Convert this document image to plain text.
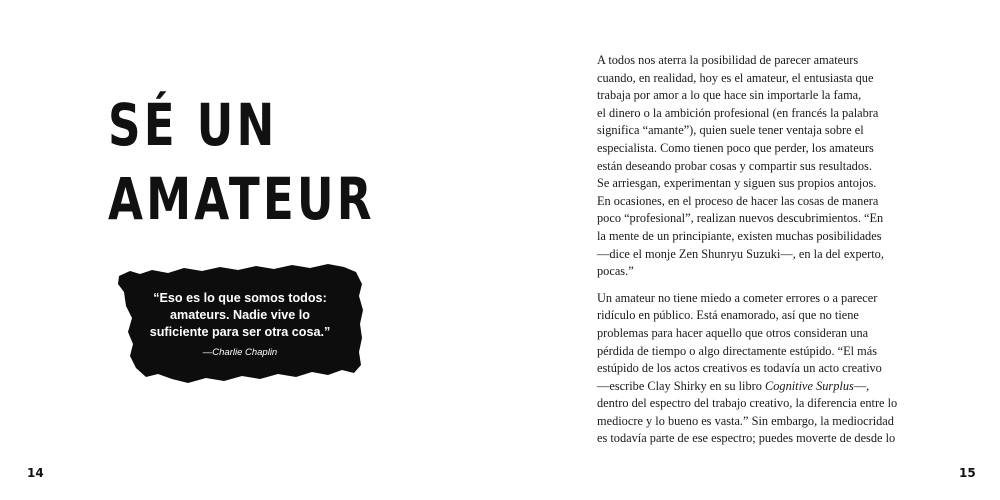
SÉ UN
AMATEUR
“Eso es lo que somos todos:
amateurs. Nadie vive lo
suficiente para ser otra cosa.”
—Charlie Chaplin
14

A todos nos aterra la posibilidad de parecer amateurs
cuando, en realidad, hoy es el amateur, el entusiasta que
trabaja por amor a lo que hace sin importarle la fama,
el dinero o la ambición profesional (en francés la palabra
significa “amante”), quien suele tener ventaja sobre el
especialista. Como tienen poco que perder, los amateurs
están deseando probar cosas y compartir sus resultados.
Se arriesgan, experimentan y siguen sus propios antojos.
En ocasiones, en el proceso de hacer las cosas de manera
poco “profesional”, realizan nuevos descubrimientos. “En
la mente de un principiante, existen muchas posibilidades
—dice el monje Zen Shunryu Suzuki—, en la del experto,
pocas.”

Un amateur no tiene miedo a cometer errores o a parecer
ridículo en público. Está enamorado, así que no tiene
problemas para hacer aquello que otros consideran una
pérdida de tiempo o algo directamente estúpido. “El más
estúpido de los actos creativos es todavía un acto creativo
—escribe Clay Shirky en su libro Cognitive Surplus—,
dentro del espectro del trabajo creativo, la diferencia entre lo
mediocre y lo bueno es vasta.” Sin embargo, la mediocridad
es todavía parte de ese espectro; puedes moverte de desde lo

15
